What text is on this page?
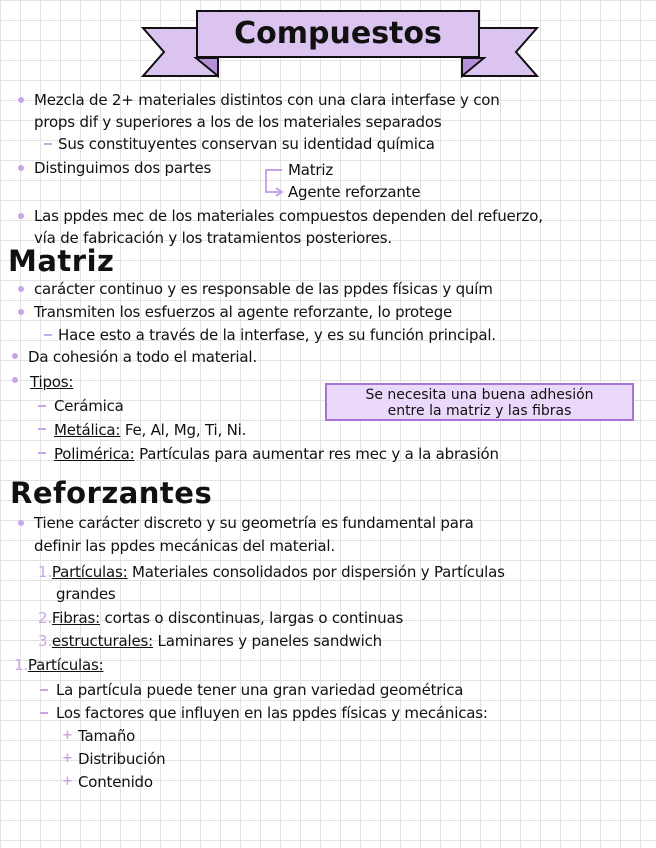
Compuestos
Mezcla de 2+ materiales distintos con una clara interfase y con
props dif y superiores a los de los materiales separados
Sus constituyentes conservan su identidad química
Distinguimos dos partes	Matriz
Agente reforzante
Las ppdes mec de los materiales compuestos dependen del refuerzo,
vía de fabricación y los tratamientos posteriores.
Matriz
carácter continuo y es responsable de las ppdes físicas y quím
Transmiten los esfuerzos al agente reforzante, lo protege
Hace esto a través de la interfase, y es su función principal.
Da cohesión a todo el material.
Tipos:
Cerámica
Metálica: Fe, Al, Mg, Ti, Ni.
Polimérica: Partículas para aumentar res mec y a la abrasión
Se necesita una buena adhesión
entre la matriz y las fibras
Reforzantes
Tiene carácter discreto y su geometría es fundamental para
definir las ppdes mecánicas del material.
1.Partículas: Materiales consolidados por dispersión y Partículas
grandes
2.Fibras: cortas o discontinuas, largas o continuas
3.estructurales: Laminares y paneles sandwich
1.Partículas:
La partícula puede tener una gran variedad geométrica
Los factores que influyen en las ppdes físicas y mecánicas:
+ Tamaño
+ Distribución
+ Contenido
